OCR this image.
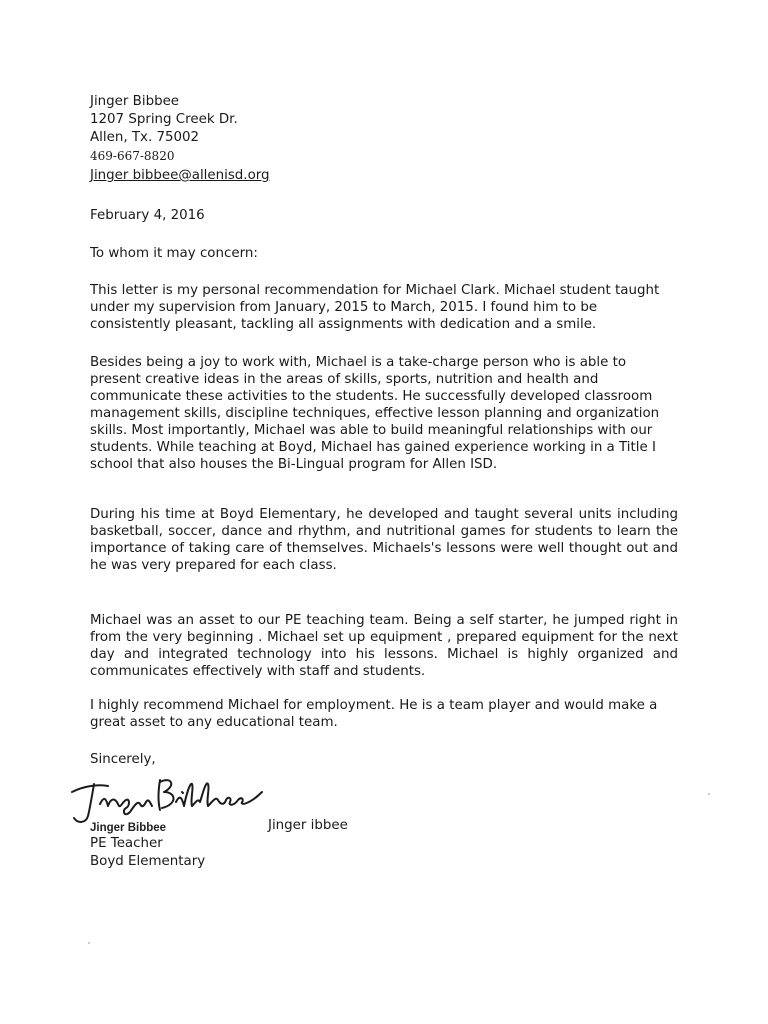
Jinger Bibbee
1207 Spring Creek Dr.
Allen, Tx. 75002
469-667-8820
Jinger bibbee@allenisd.org
February 4, 2016
To whom it may concern:
This letter is my personal recommendation for Michael Clark. Michael student taught under my supervision from January, 2015 to March, 2015. I found him to be consistently pleasant, tackling all assignments with dedication and a smile.
Besides being a joy to work with, Michael is a take-charge person who is able to present creative ideas in the areas of skills, sports, nutrition and health and communicate these activities to the students. He successfully developed classroom management skills, discipline techniques, effective lesson planning and organization skills. Most importantly, Michael was able to build meaningful relationships with our students. While teaching at Boyd, Michael has gained experience working in a Title I school that also houses the Bi-Lingual program for Allen ISD.
During his time at Boyd Elementary, he developed and taught several units including basketball, soccer, dance and rhythm, and nutritional games for students to learn the importance of taking care of themselves. Michaels's lessons were well thought out and he was very prepared for each class.
Michael was an asset to our PE teaching team. Being a self starter, he jumped right in from the very beginning . Michael set up equipment , prepared equipment for the next day and integrated technology into his lessons. Michael is highly organized and communicates effectively with staff and students.
I highly recommend Michael for employment. He is a team player and would make a great asset to any educational team.
Sincerely,
Jinger Bibbee	Jinger ibbee
PE Teacher
Boyd Elementary
